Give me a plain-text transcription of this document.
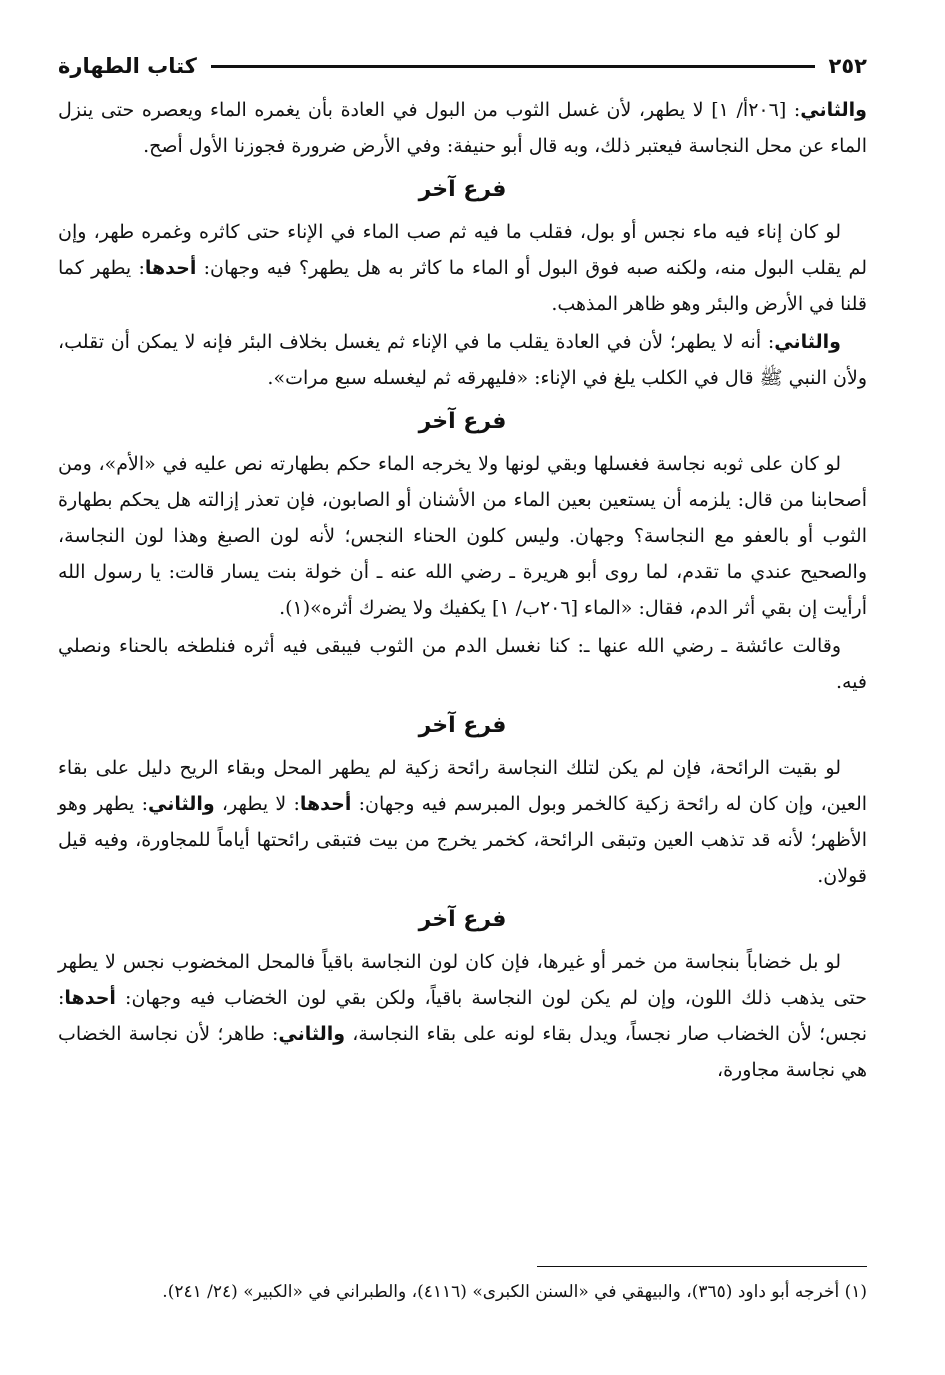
٢٥٢
كتاب الطهارة

والثاني: [٢٠٦أ/ ١] لا يطهر، لأن غسل الثوب من البول في العادة بأن يغمره الماء ويعصره حتى ينزل الماء عن محل النجاسة فيعتبر ذلك، وبه قال أبو حنيفة: وفي الأرض ضرورة فجوزنا الأول أصح.

فرع آخر

لو كان إناء فيه ماء نجس أو بول، فقلب ما فيه ثم صب الماء في الإناء حتى كاثره وغمره طهر، وإن لم يقلب البول منه، ولكنه صبه فوق البول أو الماء ما كاثر به هل يطهر؟ فيه وجهان: أحدها: يطهر كما قلنا في الأرض والبئر وهو ظاهر المذهب.

والثاني: أنه لا يطهر؛ لأن في العادة يقلب ما في الإناء ثم يغسل بخلاف البئر فإنه لا يمكن أن تقلب، ولأن النبي ﷺ قال في الكلب يلغ في الإناء: «فليهرقه ثم ليغسله سبع مرات».

فرع آخر

لو كان على ثوبه نجاسة فغسلها وبقي لونها ولا يخرجه الماء حكم بطهارته نص عليه في «الأم»، ومن أصحابنا من قال: يلزمه أن يستعين بعين الماء من الأشنان أو الصابون، فإن تعذر إزالته هل يحكم بطهارة الثوب أو بالعفو مع النجاسة؟ وجهان. وليس كلون الحناء النجس؛ لأنه لون الصبغ وهذا لون النجاسة، والصحيح عندي ما تقدم، لما روى أبو هريرة ـ رضي الله عنه ـ أن خولة بنت يسار قالت: يا رسول الله أرأيت إن بقي أثر الدم، فقال: «الماء [٢٠٦ب/ ١] يكفيك ولا يضرك أثره»(١).

وقالت عائشة ـ رضي الله عنها ـ: كنا نغسل الدم من الثوب فيبقى فيه أثره فنلطخه بالحناء ونصلي فيه.

فرع آخر

لو بقيت الرائحة، فإن لم يكن لتلك النجاسة رائحة زكية لم يطهر المحل وبقاء الريح دليل على بقاء العين، وإن كان له رائحة زكية كالخمر وبول المبرسم فيه وجهان: أحدها: لا يطهر، والثاني: يطهر وهو الأظهر؛ لأنه قد تذهب العين وتبقى الرائحة، كخمر يخرج من بيت فتبقى رائحتها أياماً للمجاورة، وفيه قيل قولان.

فرع آخر

لو بل خضاباً بنجاسة من خمر أو غيرها، فإن كان لون النجاسة باقياً فالمحل المخضوب نجس لا يطهر حتى يذهب ذلك اللون، وإن لم يكن لون النجاسة باقياً، ولكن بقي لون الخضاب فيه وجهان: أحدها: نجس؛ لأن الخضاب صار نجساً، ويدل بقاء لونه على بقاء النجاسة، والثاني: طاهر؛ لأن نجاسة الخضاب هي نجاسة مجاورة،

(١) أخرجه أبو داود (٣٦٥)، والبيهقي في «السنن الكبرى» (٤١١٦)، والطبراني في «الكبير» (٢٤/ ٢٤١).
